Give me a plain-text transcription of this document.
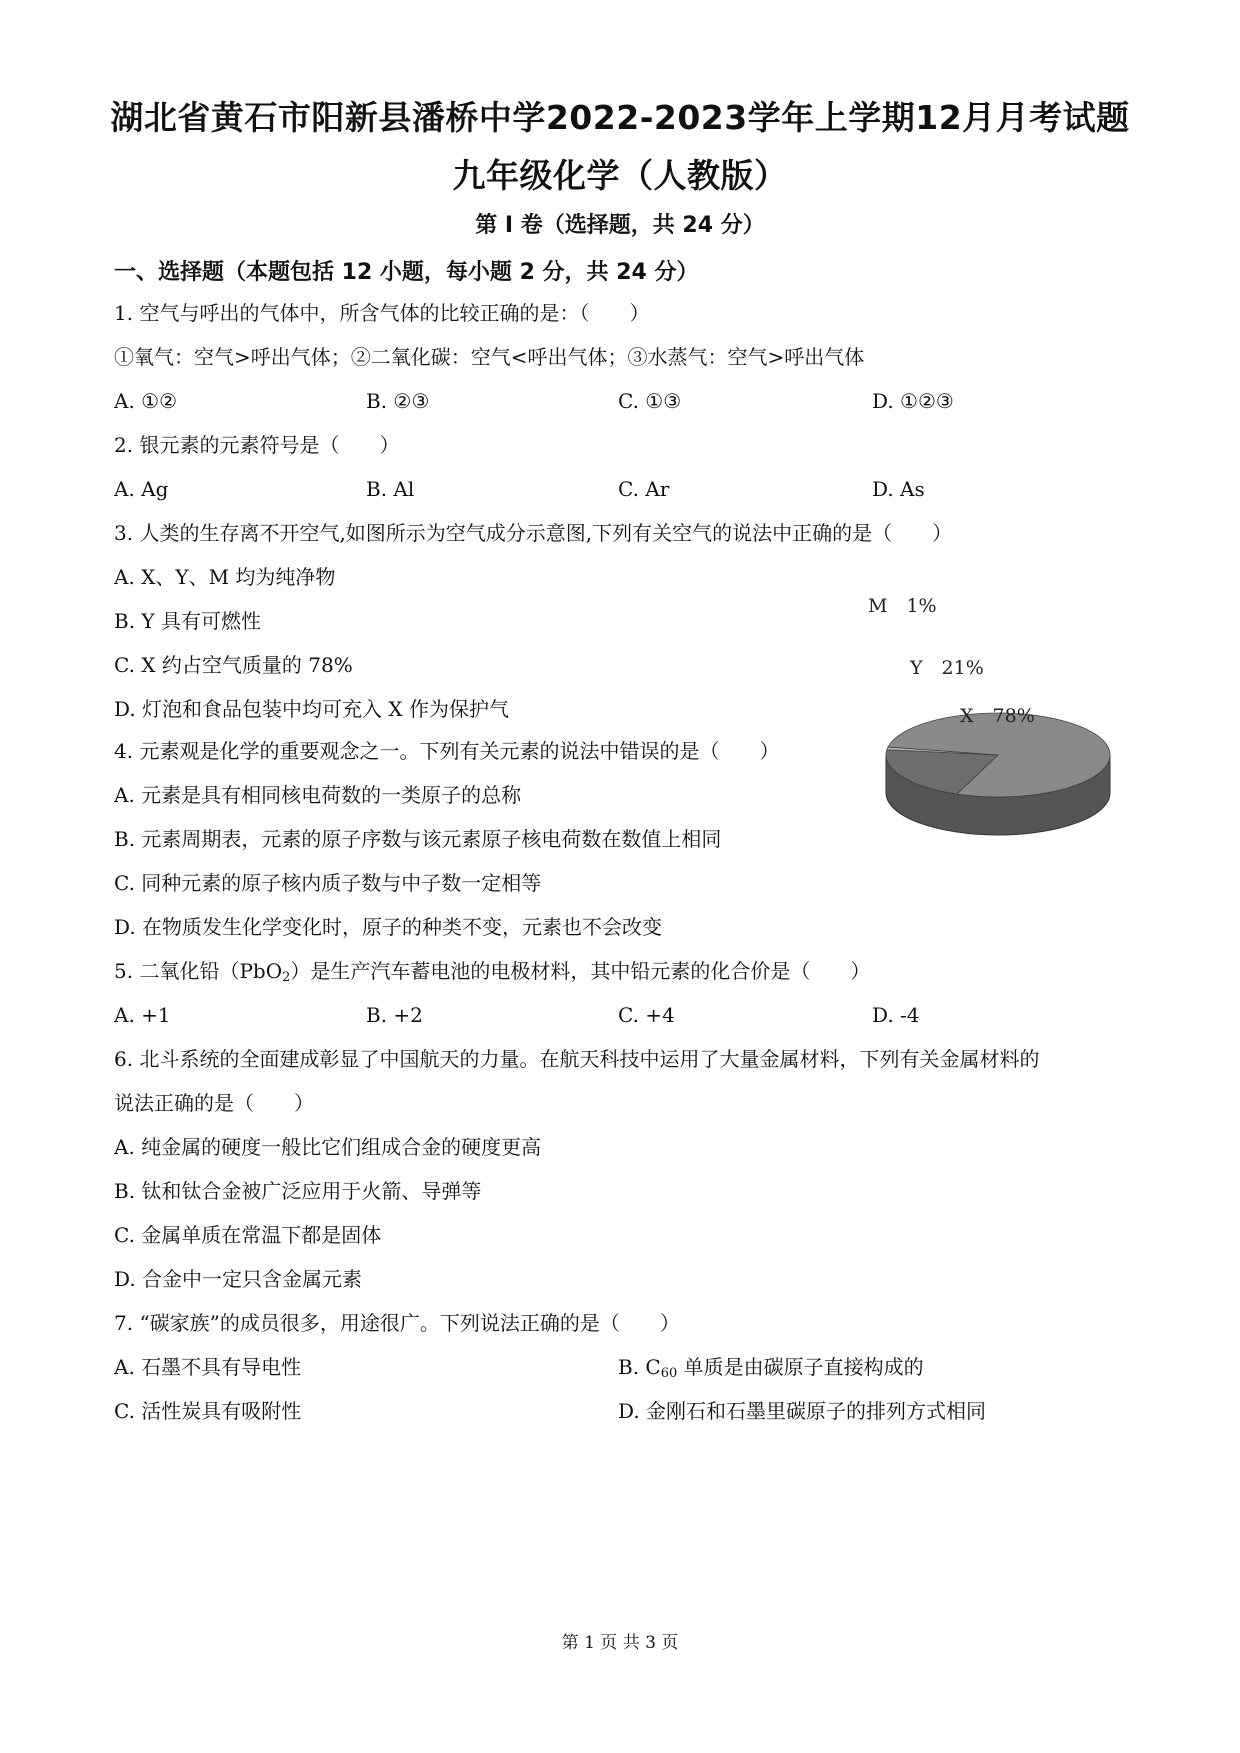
湖北省黄石市阳新县潘桥中学2022-2023学年上学期12月月考试题
九年级化学（人教版）
第 I 卷（选择题，共 24 分）
一、选择题（本题包括 12 小题，每小题 2 分，共 24 分）
1. 空气与呼出的气体中，所含气体的比较正确的是：（　　）
①氧气：空气>呼出气体；②二氧化碳：空气<呼出气体；③水蒸气：空气>呼出气体
A. ①②	B. ②③	C. ①③	D. ①②③
2. 银元素的元素符号是（　　）
A. Ag	B. Al	C. Ar	D. As
3. 人类的生存离不开空气,如图所示为空气成分示意图,下列有关空气的说法中正确的是（　　）
A. X、Y、M 均为纯净物
B. Y 具有可燃性
C. X 约占空气质量的 78%
D. 灯泡和食品包装中均可充入 X 作为保护气
M　1%
Y　21%
X　78%
4. 元素观是化学的重要观念之一。下列有关元素的说法中错误的是（　　）
A. 元素是具有相同核电荷数的一类原子的总称
B. 元素周期表，元素的原子序数与该元素原子核电荷数在数值上相同
C. 同种元素的原子核内质子数与中子数一定相等
D. 在物质发生化学变化时，原子的种类不变，元素也不会改变
5. 二氧化铅（PbO$_2$）是生产汽车蓄电池的电极材料，其中铅元素的化合价是（　　）
A. +1	B. +2	C. +4	D. -4
6. 北斗系统的全面建成彰显了中国航天的力量。在航天科技中运用了大量金属材料，下列有关金属材料的
说法正确的是（　　）
A. 纯金属的硬度一般比它们组成合金的硬度更高
B. 钛和钛合金被广泛应用于火箭、导弹等
C. 金属单质在常温下都是固体
D. 合金中一定只含金属元素
7. “碳家族”的成员很多，用途很广。下列说法正确的是（　　）
A. 石墨不具有导电性	B. $C_{60}$ 单质是由碳原子直接构成的
C. 活性炭具有吸附性	D. 金刚石和石墨里碳原子的排列方式相同
第 1 页 共 3 页
